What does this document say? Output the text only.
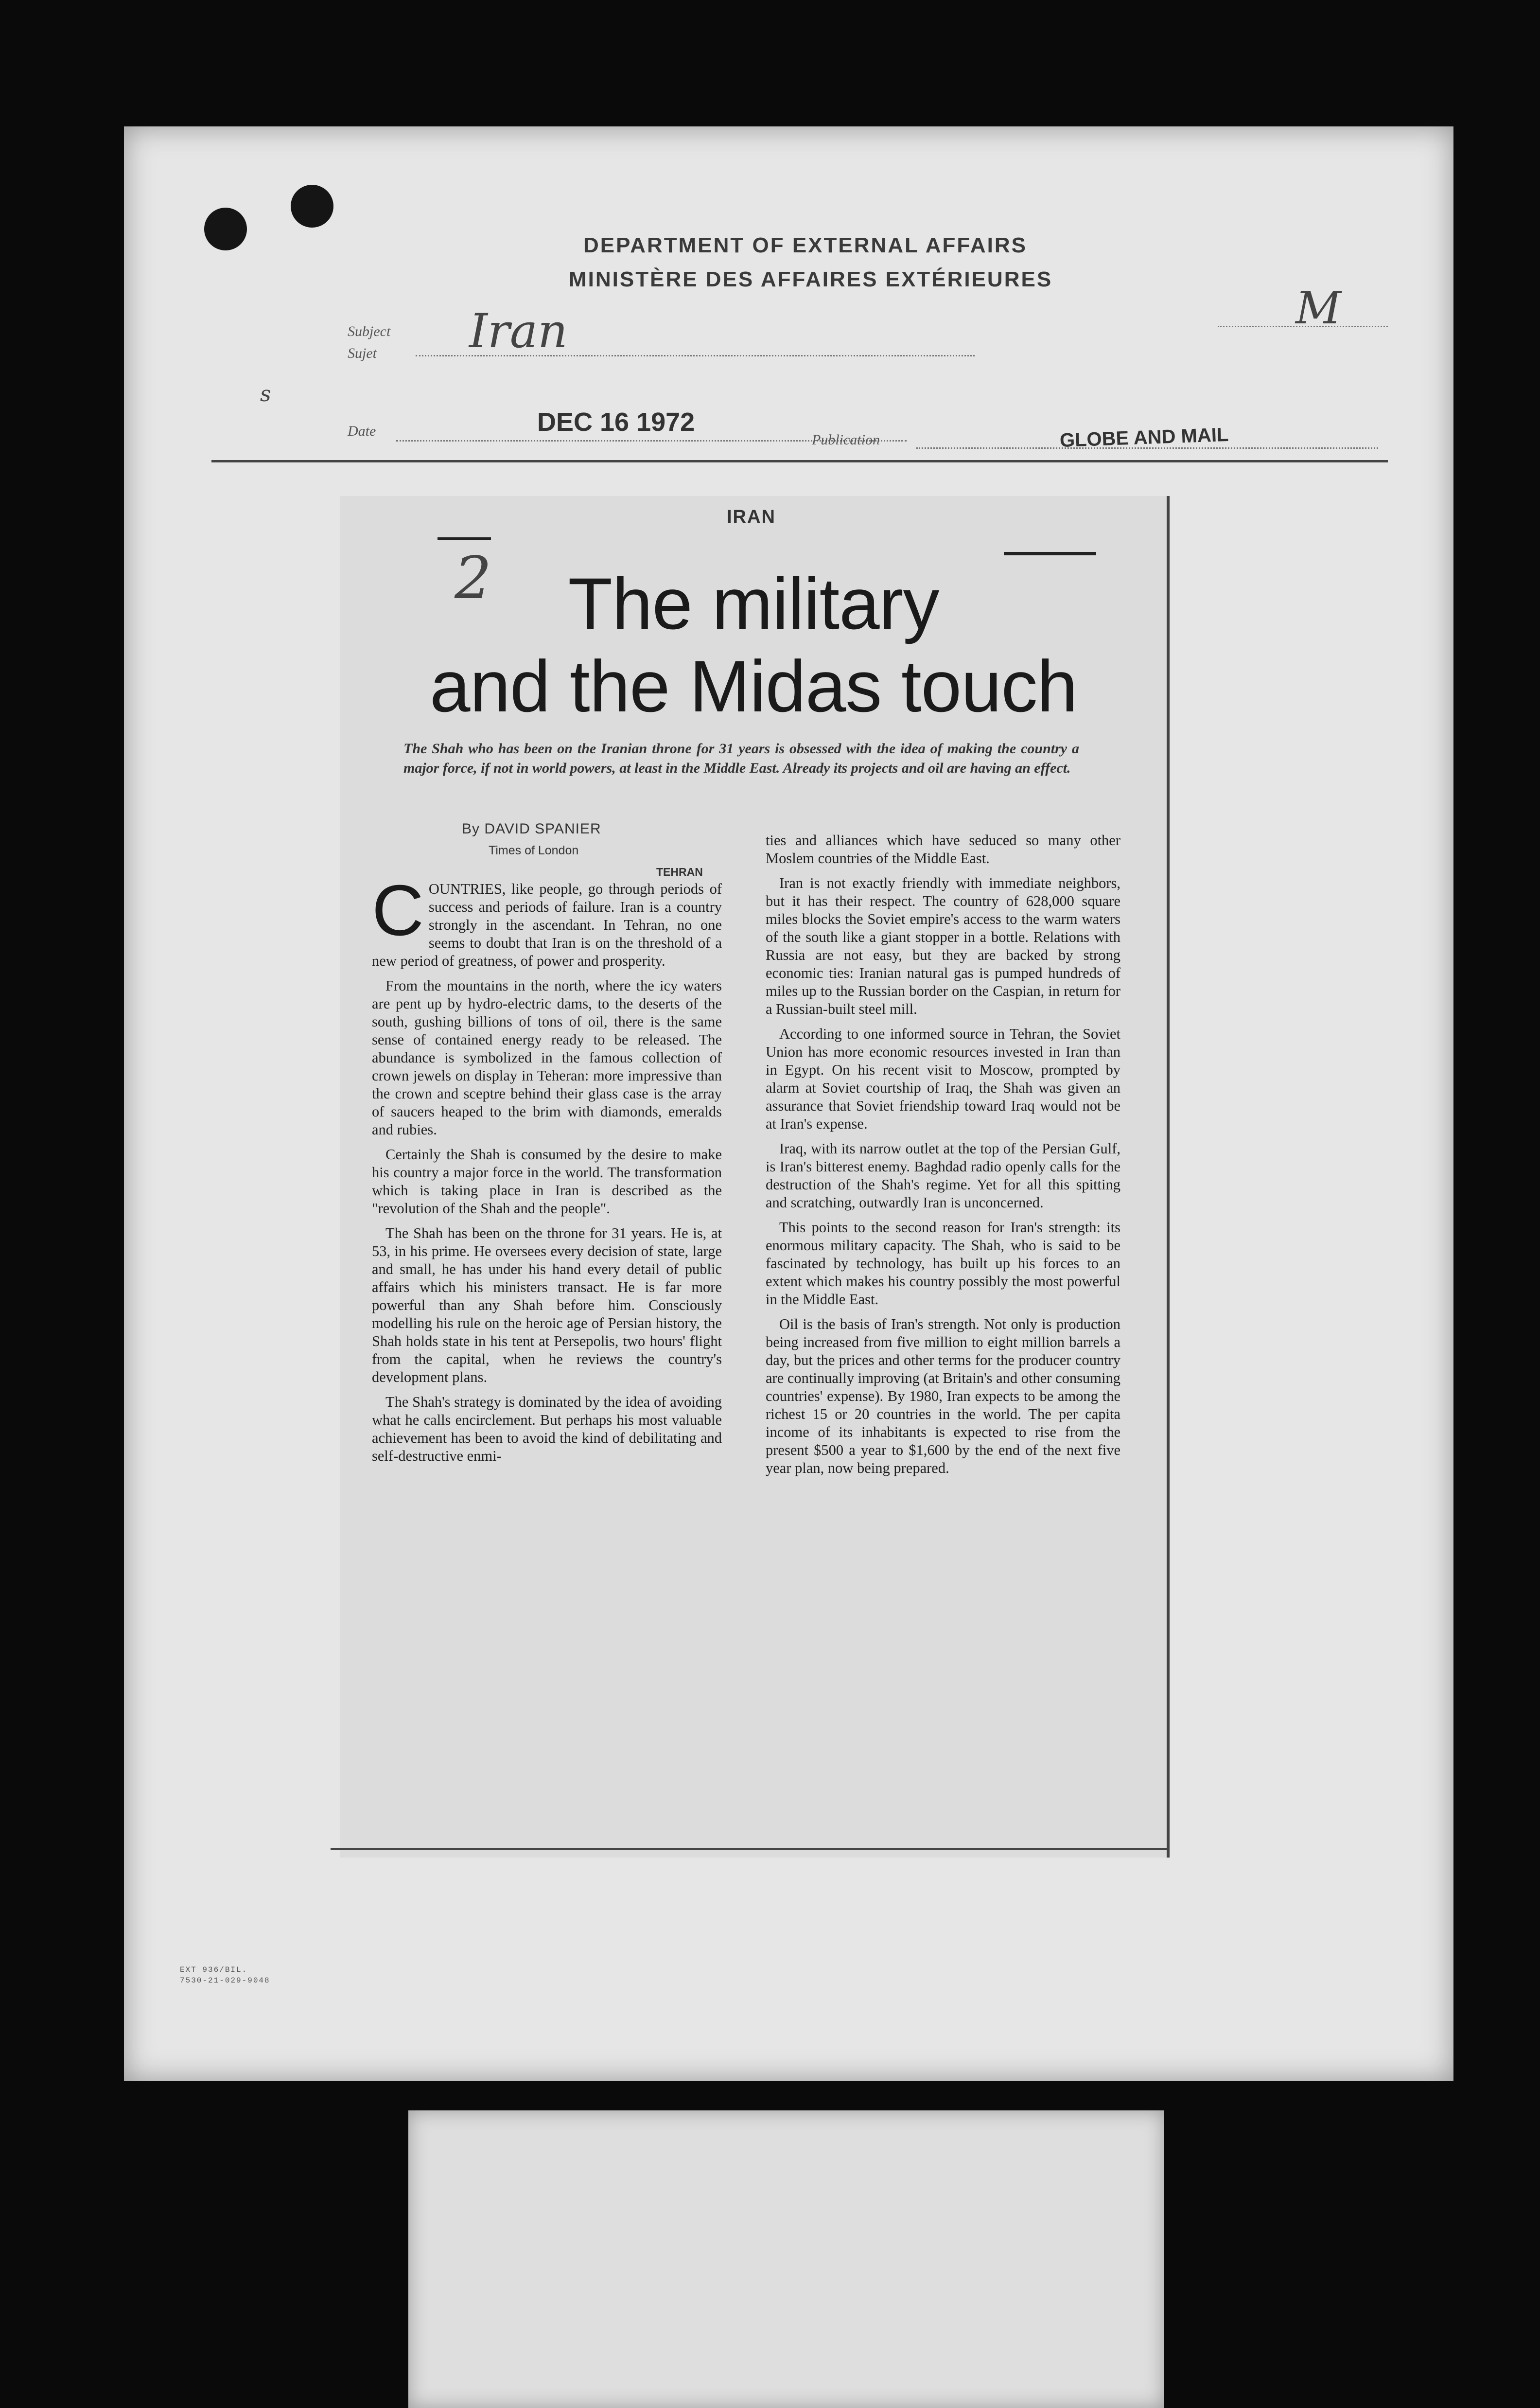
DEPARTMENT OF EXTERNAL AFFAIRS
MINISTÈRE DES AFFAIRES EXTÉRIEURES
Subject
Sujet Iran	M
s
Date	DEC 16 1972
Publication	GLOBE AND MAIL
EXT 936/BIL.
7530-21-029-9048
IRAN
2	The military
and the Midas touch
The Shah who has been on the Iranian throne for 31 years is obsessed with the idea of making the country a major force, if not in world powers, at least in the Middle East. Already its projects and oil are having an effect.
By DAVID SPANIER
Times of London
TEHRAN

COUNTRIES, like people, go through periods of success and periods of failure. Iran is a country strongly in the ascendant. In Tehran, no one seems to doubt that Iran is on the threshold of a new period of greatness, of power and prosperity.

From the mountains in the north, where the icy waters are pent up by hydro-electric dams, to the deserts of the south, gushing billions of tons of oil, there is the same sense of contained energy ready to be released. The abundance is symbolized in the famous collection of crown jewels on display in Teheran: more impressive than the crown and sceptre behind their glass case is the array of saucers heaped to the brim with diamonds, emeralds and rubies.

Certainly the Shah is consumed by the desire to make his country a major force in the world. The transformation which is taking place in Iran is described as the "revolution of the Shah and the people".

The Shah has been on the throne for 31 years. He is, at 53, in his prime. He oversees every decision of state, large and small, he has under his hand every detail of public affairs which his ministers transact. He is far more powerful than any Shah before him. Consciously modelling his rule on the heroic age of Persian history, the Shah holds state in his tent at Persepolis, two hours' flight from the capital, when he reviews the country's development plans.

The Shah's strategy is dominated by the idea of avoiding what he calls encirclement. But perhaps his most valuable achievement has been to avoid the kind of debilitating and self-destructive enmi-

ties and alliances which have seduced so many other Moslem countries of the Middle East.

Iran is not exactly friendly with immediate neighbors, but it has their respect. The country of 628,000 square miles blocks the Soviet empire's access to the warm waters of the south like a giant stopper in a bottle. Relations with Russia are not easy, but they are backed by strong economic ties: Iranian natural gas is pumped hundreds of miles up to the Russian border on the Caspian, in return for a Russian-built steel mill.

According to one informed source in Tehran, the Soviet Union has more economic resources invested in Iran than in Egypt. On his recent visit to Moscow, prompted by alarm at Soviet courtship of Iraq, the Shah was given an assurance that Soviet friendship toward Iraq would not be at Iran's expense.

Iraq, with its narrow outlet at the top of the Persian Gulf, is Iran's bitterest enemy. Baghdad radio openly calls for the destruction of the Shah's regime. Yet for all this spitting and scratching, outwardly Iran is unconcerned.

This points to the second reason for Iran's strength: its enormous military capacity. The Shah, who is said to be fascinated by technology, has built up his forces to an extent which makes his country possibly the most powerful in the Middle East.

Oil is the basis of Iran's strength. Not only is production being increased from five million to eight million barrels a day, but the prices and other terms for the producer country are continually improving (at Britain's and other consuming countries' expense). By 1980, Iran expects to be among the richest 15 or 20 countries in the world. The per capita income of its inhabitants is expected to rise from the present $500 a year to $1,600 by the end of the next five year plan, now being prepared.
